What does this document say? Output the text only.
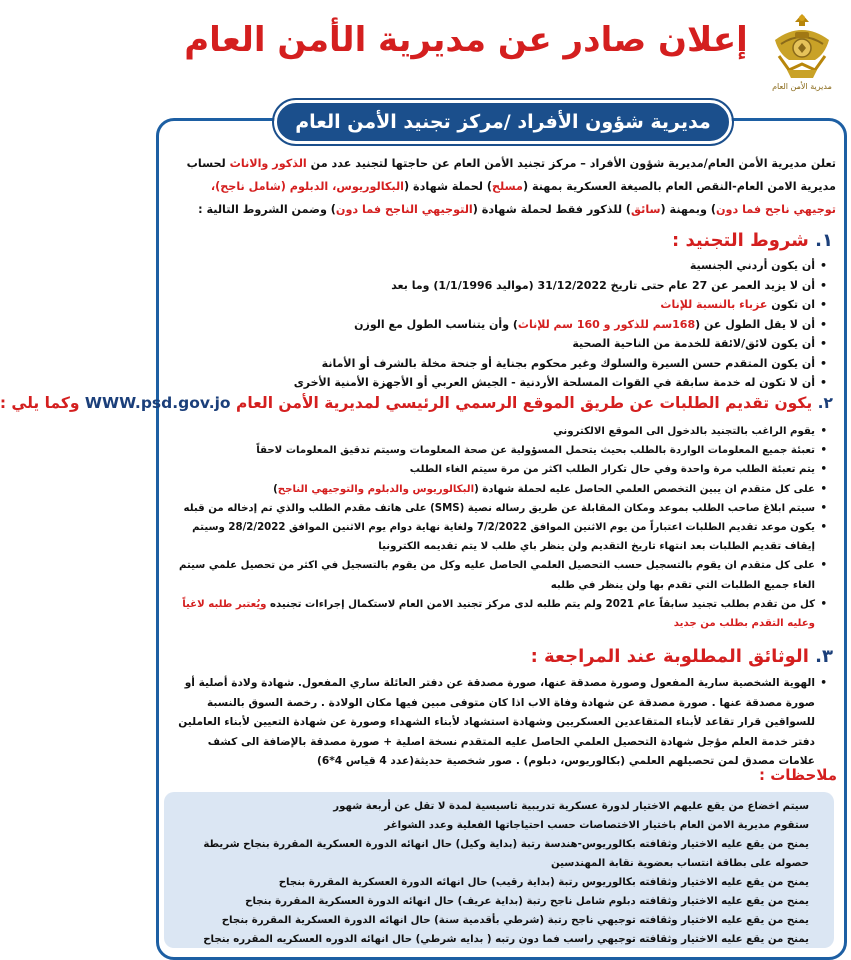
مديرية الأمن العام
إعلان صادر عن مديرية الأمن العام
مديرية شؤون الأفراد /مركز تجنيد الأمن العام
تعلن مديرية الأمن العام/مديرية شؤون الأفراد – مركز تجنيد الأمن العام عن حاجتها لتجنيد عدد من الذكور والاناث لحساب
مديرية الامن العام-النقص العام بالصيغة العسكرية بمهنة (مسلح) لحملة شهادة (البكالوريوس، الدبلوم (شامل ناجح)،
توجيهي ناجح فما دون) وبمهنة (سائق) للذكور فقط لحملة شهادة (التوجيهي الناجح فما دون) وضمن الشروط التالية :
١. شروط التجنيد :
• أن يكون أردني الجنسية
• أن لا يزيد العمر عن 27 عام حتى تاريخ 31/12/2022 (مواليد 1/1/1996) وما بعد
• ان تكون عزباء بالنسبة للإناث
• أن لا يقل الطول عن (168سم للذكور و 160 سم للإناث) وأن يتناسب الطول مع الوزن
• أن يكون لائق/لائقة للخدمة من الناحية الصحية
• أن يكون المتقدم حسن السيرة والسلوك وغير محكوم بجناية أو جنحة مخلة بالشرف أو الأمانة
• أن لا تكون له خدمة سابقة في القوات المسلحة الأردنية - الجيش العربي أو الأجهزة الأمنية الأخرى
٢. يكون تقديم الطلبات عن طريق الموقع الرسمي الرئيسي لمديرية الأمن العام WWW.psd.gov.jo وكما يلي :
• يقوم الراغب بالتجنيد بالدخول الى الموقع الالكتروني
• تعبئة جميع المعلومات الواردة بالطلب بحيث يتحمل المسؤولية عن صحة المعلومات وسيتم تدقيق المعلومات لاحقاً
• يتم تعبئة الطلب مرة واحدة وفي حال تكرار الطلب اكثر من مرة سيتم الغاء الطلب
• على كل متقدم ان يبين التخصص العلمي الحاصل عليه لحملة شهادة (البكالوريوس والدبلوم والتوجيهي الناجح)
• سيتم ابلاغ صاحب الطلب بموعد ومكان المقابلة عن طريق رساله نصية (SMS) على هاتف مقدم الطلب والذي تم إدخاله من قبله
• يكون موعد تقديم الطلبات اعتباراً من يوم الاثنين الموافق 7/2/2022 ولغاية نهاية دوام يوم الاثنين الموافق 28/2/2022 وسيتم
إيقاف تقديم الطلبات بعد انتهاء تاريخ التقديم ولن ينظر باي طلب لا يتم تقديمه الكترونيا
• على كل متقدم ان يقوم بالتسجيل حسب التحصيل العلمي الحاصل عليه وكل من يقوم بالتسجيل في اكثر من تحصيل علمي سيتم
الغاء جميع الطلبات التي تقدم بها ولن ينظر في طلبه
• كل من تقدم بطلب تجنيد سابقاً عام 2021 ولم يتم طلبه لدى مركز تجنيد الامن العام لاستكمال إجراءات تجنيده ويُعتبر طلبه لاغياً
وعليه التقدم بطلب من جديد
٣. الوثائق المطلوبة عند المراجعة :
• الهوية الشخصية سارية المفعول وصورة مصدقة عنها، صورة مصدقة عن دفتر العائلة ساري المفعول. شهادة ولادة أصلية أو
صورة مصدقة عنها . صورة مصدقة عن شهادة وفاة الاب اذا كان متوفى مبين فيها مكان الولادة . رخصة السوق بالنسبة
للسواقين قرار تقاعد لأبناء المتقاعدين العسكريين وشهادة استشهاد لأبناء الشهداء وصورة عن شهادة التعيين لأبناء العاملين
دفتر خدمة العلم مؤجل شهادة التحصيل العلمي الحاصل عليه المتقدم نسخة اصلية + صورة مصدقة بالإضافة الى كشف
علامات مصدق لمن تحصيلهم العلمي (بكالوريوس، دبلوم) . صور شخصية حديثة(عدد 4 قياس 4*6)
ملاحظات :
سيتم اخضاع من يقع عليهم الاختيار لدورة عسكرية تدريبية تاسيسية لمدة لا تقل عن أربعة شهور
ستقوم مديرية الامن العام باختيار الاختصاصات حسب احتياجاتها الفعلية وعدد الشواغر
يمنح من يقع عليه الاختيار وثقافته بكالوريوس-هندسة رتبة (بداية وكيل) حال انهائه الدورة العسكرية المقررة بنجاح شريطة
حصوله على بطاقة انتساب بعضوية نقابة المهندسين
يمنح من يقع عليه الاختيار وثقافته بكالوريوس رتبة (بداية رقيب) حال انهائه الدورة العسكرية المقررة بنجاح
يمنح من يقع عليه الاختيار وثقافته دبلوم شامل ناجح رتبة (بداية عريف) حال انهائه الدورة العسكرية المقررة بنجاح
يمنح من يقع عليه الاختيار وثقافته توجيهي ناجح رتبة (شرطي بأقدمية سنة) حال انهائه الدورة العسكرية المقررة بنجاح
يمنح من يقع عليه الاختيار وثقافته توجيهي راسب فما دون رتبه ( بدايه شرطي) حال انهائه الدوره العسكريه المقرره بنجاح
